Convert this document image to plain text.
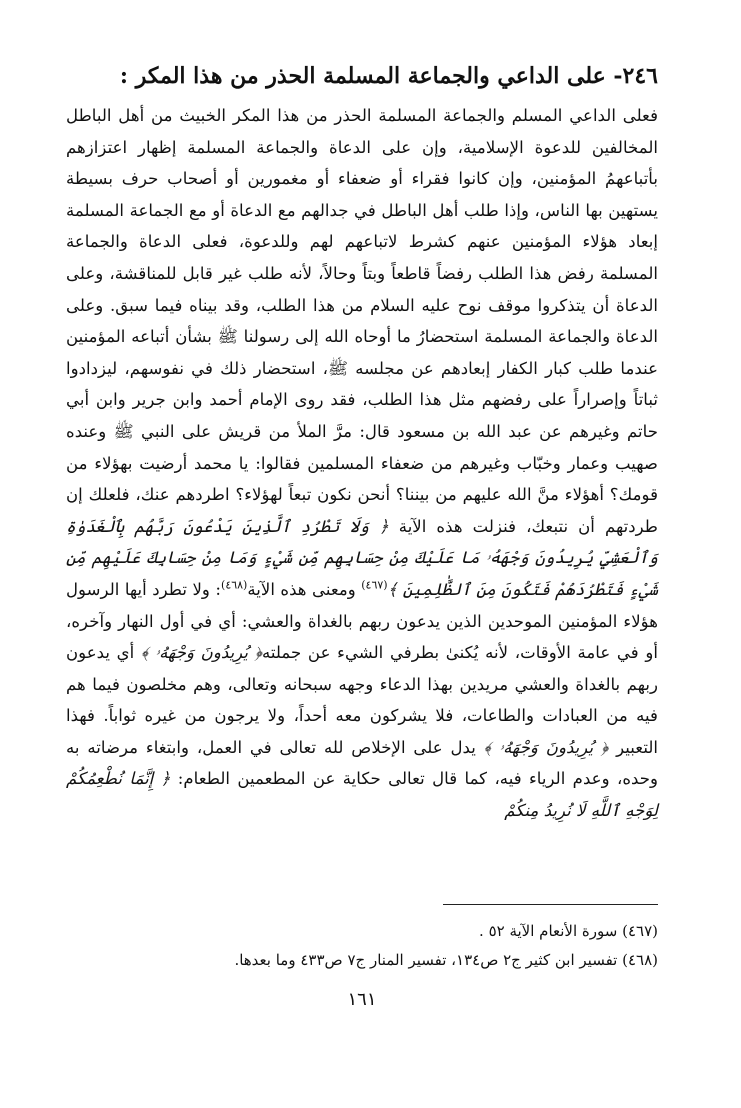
٢٤٦- على الداعي والجماعة المسلمة الحذر من هذا المكر :

فعلى الداعي المسلم والجماعة المسلمة الحذر من هذا المكر الخبيث من أهل الباطل المخالفين للدعوة الإسلامية، وإن على الدعاة والجماعة المسلمة إظهار اعتزازهم بأتباعهمُ المؤمنين، وإن كانوا فقراء أو ضعفاء أو مغمورين أو أصحاب حرف بسيطة يستهين بها الناس، وإذا طلب أهل الباطل في جدالهم مع الدعاة أو مع الجماعة المسلمة إبعاد هؤلاء المؤمنين عنهم كشرط لاتباعهم لهم وللدعوة، فعلى الدعاة والجماعة المسلمة رفض هذا الطلب رفضاً قاطعاً وبتاً وحالاً، لأنه طلب غير قابل للمناقشة، وعلى الدعاة أن يتذكروا موقف نوح عليه السلام من هذا الطلب، وقد بيناه فيما سبق. وعلى الدعاة والجماعة المسلمة استحضارُ ما أوحاه الله إلى رسولنا ﷺ بشأن أتباعه المؤمنين عندما طلب كبار الكفار إبعادهم عن مجلسه ﷺ، استحضار ذلك في نفوسهم، ليزدادوا ثباتاً وإصراراً على رفضهم مثل هذا الطلب، فقد روى الإمام أحمد وابن جرير وابن أبي حاتم وغيرهم عن عبد الله بن مسعود قال: مرَّ الملأ من قريش على النبي ﷺ وعنده صهيب وعمار وخبّاب وغيرهم من ضعفاء المسلمين فقالوا: يا محمد أرضيت بهؤلاء من قومك؟ أهؤلاء منَّ الله عليهم من بيننا؟ أنحن نكون تبعاً لهؤلاء؟ اطردهم عنك، فلعلك إن طردتهم أن نتبعك، فنزلت هذه الآية ﴿ وَلَا تَطْرُدِ ٱلَّذِينَ يَدْعُونَ رَبَّهُم بِٱلْغَدَوٰةِ وَٱلْعَشِيِّ يُرِيدُونَ وَجْهَهُۥ مَا عَلَيْكَ مِنْ حِسَابِهِم مِّن شَيْءٍ وَمَا مِنْ حِسَابِكَ عَلَيْهِم مِّن شَيْءٍ فَتَطْرُدَهُمْ فَتَكُونَ مِنَ ٱلظَّٰلِمِينَ ﴾$^{(٤٦٧)}$ ومعنى هذه الآية$^{(٤٦٨)}$: ولا تطرد أيها الرسول هؤلاء المؤمنين الموحدين الذين يدعون ربهم بالغداة والعشي: أي في أول النهار وآخره، أو في عامة الأوقات، لأنه يُكنىٰ بطرفي الشيء عن جملته﴿ يُرِيدُونَ وَجْهَهُۥ ﴾ أي يدعون ربهم بالغداة والعشي مريدين بهذا الدعاء وجهه سبحانه وتعالى، وهم مخلصون فيما هم فيه من العبادات والطاعات، فلا يشركون معه أحداً، ولا يرجون من غيره ثواباً. فهذا التعبير ﴿ يُرِيدُونَ وَجْهَهُۥ ﴾ يدل على الإخلاص لله تعالى في العمل، وابتغاء مرضاته به وحده، وعدم الرياء فيه، كما قال تعالى حكاية عن المطعمين الطعام: ﴿ إِنَّمَا نُطْعِمُكُمْ لِوَجْهِ ٱللَّهِ لَا نُرِيدُ مِنكُمْ

(٤٦٧) سورة الأنعام الآية ٥٢ .

(٤٦٨) تفسير ابن كثير ج٢ ص١٣٤، تفسير المنار ج٧ ص٤٣٣ وما بعدها.

١٦١
